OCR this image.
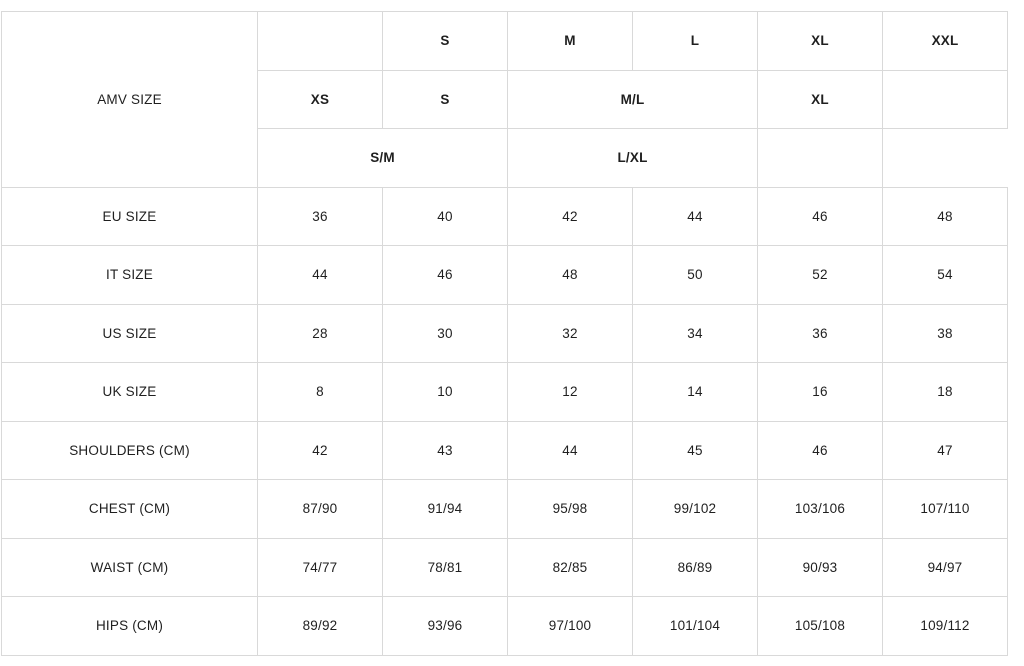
AMV SIZE		S	M	L	XL	XXL
	XS	S	M/L		XL	
	S/M		L/XL			
EU SIZE	36	40	42	44	46	48
IT SIZE	44	46	48	50	52	54
US SIZE	28	30	32	34	36	38
UK SIZE	8	10	12	14	16	18
SHOULDERS (CM)	42	43	44	45	46	47
CHEST (CM)	87/90	91/94	95/98	99/102	103/106	107/110
WAIST (CM)	74/77	78/81	82/85	86/89	90/93	94/97
HIPS (CM)	89/92	93/96	97/100	101/104	105/108	109/112
